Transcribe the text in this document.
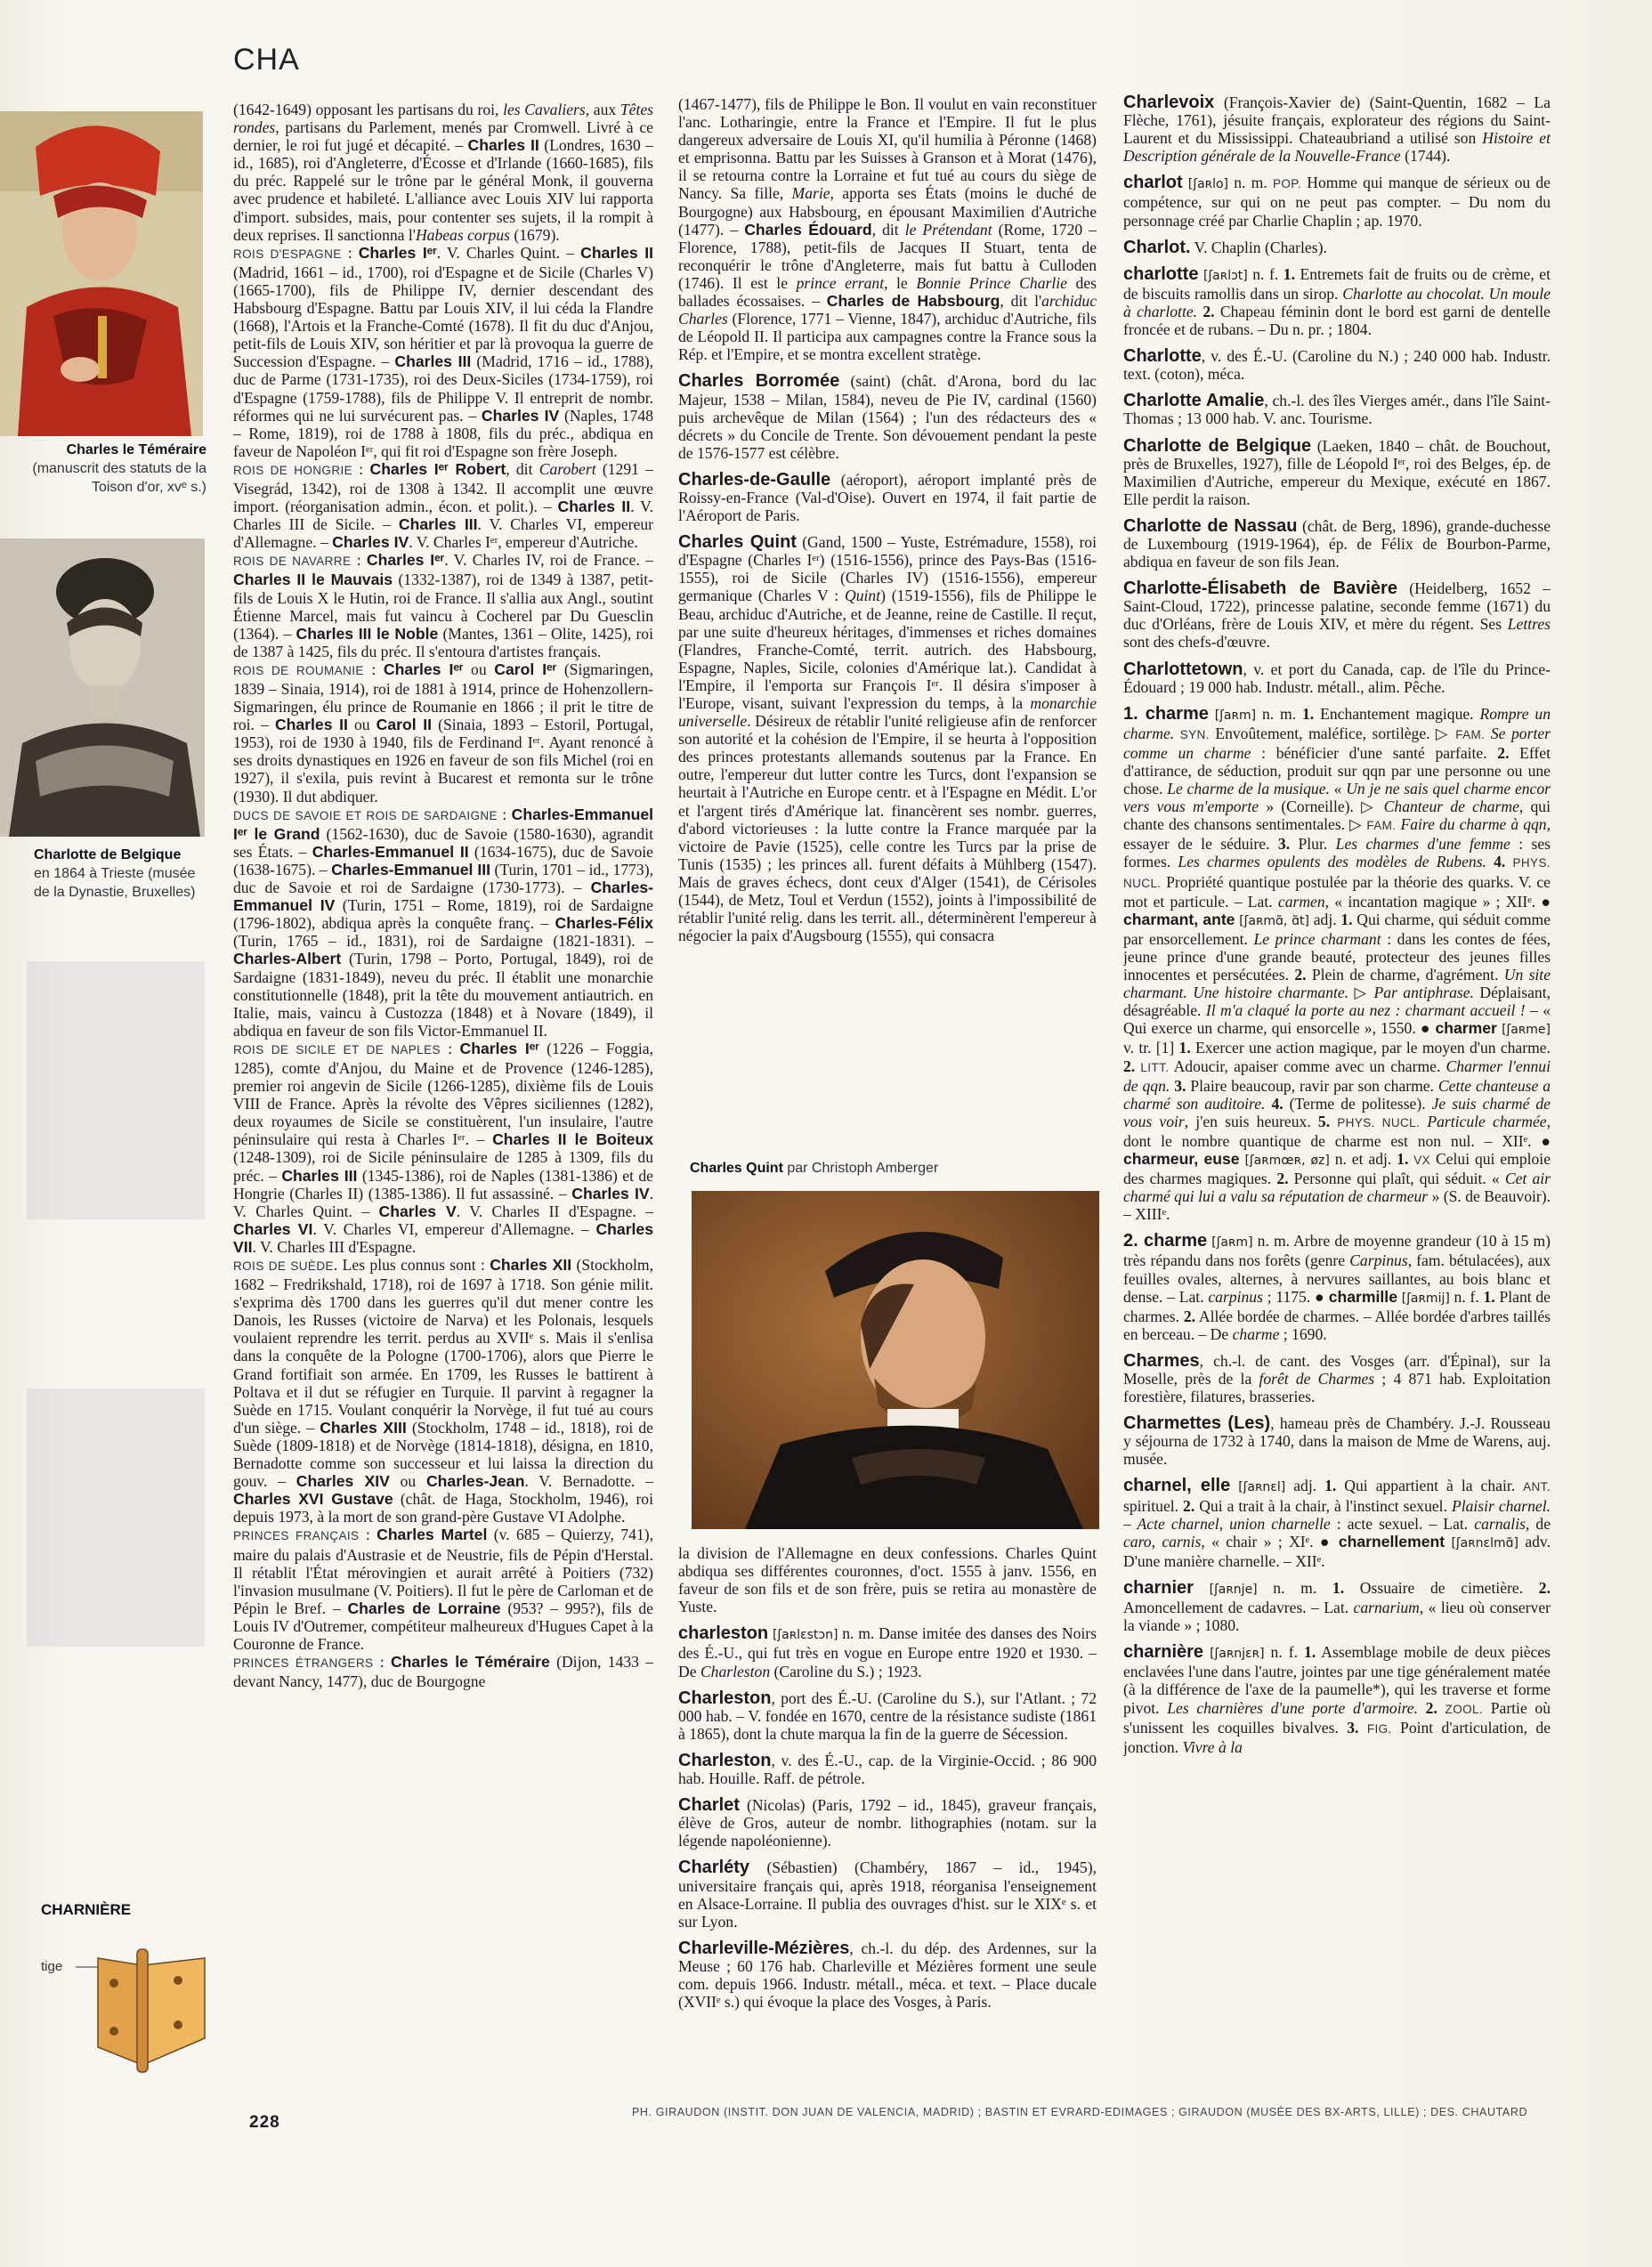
CHA
Charles le Téméraire
(manuscrit des statuts de la Toison d'or, xvᵉ s.)
Charlotte de Belgique
en 1864 à Trieste (musée de la Dynastie, Bruxelles)
CHARNIÈRE
tige

(1642-1649) opposant les partisans du roi, les Cavaliers, aux Têtes rondes, partisans du Parlement, menés par Cromwell. Livré à ce dernier, le roi fut jugé et décapité. – Charles II (Londres, 1630 – id., 1685), roi d'Angleterre, d'Écosse et d'Irlande (1660-1685), fils du préc. Rappelé sur le trône par le général Monk, il gouverna avec prudence et habileté. L'alliance avec Louis XIV lui rapporta d'import. subsides, mais, pour contenter ses sujets, il la rompit à deux reprises. Il sanctionna l'Habeas corpus (1679).

ROIS D'ESPAGNE : Charles Iᵉʳ. V. Charles Quint. – Charles II (Madrid, 1661 – id., 1700), roi d'Espagne et de Sicile (Charles V) (1665-1700), fils de Philippe IV, dernier descendant des Habsbourg d'Espagne. Battu par Louis XIV, il lui céda la Flandre (1668), l'Artois et la Franche-Comté (1678). Il fit du duc d'Anjou, petit-fils de Louis XIV, son héritier et par là provoqua la guerre de Succession d'Espagne. – Charles III (Madrid, 1716 – id., 1788), duc de Parme (1731-1735), roi des Deux-Siciles (1734-1759), roi d'Espagne (1759-1788), fils de Philippe V. Il entreprit de nombr. réformes qui ne lui survécurent pas. – Charles IV (Naples, 1748 – Rome, 1819), roi de 1788 à 1808, fils du préc., abdiqua en faveur de Napoléon Iᵉʳ, qui fit roi d'Espagne son frère Joseph.

ROIS DE HONGRIE : Charles Iᵉʳ Robert, dit Carobert (1291 – Visegrád, 1342), roi de 1308 à 1342. Il accomplit une œuvre import. (réorganisation admin., écon. et polit.). – Charles II. V. Charles III de Sicile. – Charles III. V. Charles VI, empereur d'Allemagne. – Charles IV. V. Charles Iᵉʳ, empereur d'Autriche.

ROIS DE NAVARRE : Charles Iᵉʳ. V. Charles IV, roi de France. – Charles II le Mauvais (1332-1387), roi de 1349 à 1387, petit-fils de Louis X le Hutin, roi de France. Il s'allia aux Angl., soutint Étienne Marcel, mais fut vaincu à Cocherel par Du Guesclin (1364). – Charles III le Noble (Mantes, 1361 – Olite, 1425), roi de 1387 à 1425, fils du préc. Il s'entoura d'artistes français.

ROIS DE ROUMANIE : Charles Iᵉʳ ou Carol Iᵉʳ (Sigmaringen, 1839 – Sinaia, 1914), roi de 1881 à 1914, prince de Hohenzollern-Sigmaringen, élu prince de Roumanie en 1866 ; il prit le titre de roi. – Charles II ou Carol II (Sinaia, 1893 – Estoril, Portugal, 1953), roi de 1930 à 1940, fils de Ferdinand Iᵉʳ. Ayant renoncé à ses droits dynastiques en 1926 en faveur de son fils Michel (roi en 1927), il s'exila, puis revint à Bucarest et remonta sur le trône (1930). Il dut abdiquer.

DUCS DE SAVOIE ET ROIS DE SARDAIGNE : Charles-Emmanuel Iᵉʳ le Grand (1562-1630), duc de Savoie (1580-1630), agrandit ses États. – Charles-Emmanuel II (1634-1675), duc de Savoie (1638-1675). – Charles-Emmanuel III (Turin, 1701 – id., 1773), duc de Savoie et roi de Sardaigne (1730-1773). – Charles-Emmanuel IV (Turin, 1751 – Rome, 1819), roi de Sardaigne (1796-1802), abdiqua après la conquête franç. – Charles-Félix (Turin, 1765 – id., 1831), roi de Sardaigne (1821-1831). – Charles-Albert (Turin, 1798 – Porto, Portugal, 1849), roi de Sardaigne (1831-1849), neveu du préc. Il établit une monarchie constitutionnelle (1848), prit la tête du mouvement antiautrich. en Italie, mais, vaincu à Custozza (1848) et à Novare (1849), il abdiqua en faveur de son fils Victor-Emmanuel II.

ROIS DE SICILE ET DE NAPLES : Charles Iᵉʳ (1226 – Foggia, 1285), comte d'Anjou, du Maine et de Provence (1246-1285), premier roi angevin de Sicile (1266-1285), dixième fils de Louis VIII de France. Après la révolte des Vêpres siciliennes (1282), deux royaumes de Sicile se constituèrent, l'un insulaire, l'autre péninsulaire qui resta à Charles Iᵉʳ. – Charles II le Boiteux (1248-1309), roi de Sicile péninsulaire de 1285 à 1309, fils du préc. – Charles III (1345-1386), roi de Naples (1381-1386) et de Hongrie (Charles II) (1385-1386). Il fut assassiné. – Charles IV. V. Charles Quint. – Charles V. V. Charles II d'Espagne. – Charles VI. V. Charles VI, empereur d'Allemagne. – Charles VII. V. Charles III d'Espagne.

ROIS DE SUÈDE. Les plus connus sont : Charles XII (Stockholm, 1682 – Fredrikshald, 1718), roi de 1697 à 1718. Son génie milit. s'exprima dès 1700 dans les guerres qu'il dut mener contre les Danois, les Russes (victoire de Narva) et les Polonais, lesquels voulaient reprendre les territ. perdus au XVIIᵉ s. Mais il s'enlisa dans la conquête de la Pologne (1700-1706), alors que Pierre le Grand fortifiait son armée. En 1709, les Russes le battirent à Poltava et il dut se réfugier en Turquie. Il parvint à regagner la Suède en 1715. Voulant conquérir la Norvège, il fut tué au cours d'un siège. – Charles XIII (Stockholm, 1748 – id., 1818), roi de Suède (1809-1818) et de Norvège (1814-1818), désigna, en 1810, Bernadotte comme son successeur et lui laissa la direction du gouv. – Charles XIV ou Charles-Jean. V. Bernadotte. – Charles XVI Gustave (chât. de Haga, Stockholm, 1946), roi depuis 1973, à la mort de son grand-père Gustave VI Adolphe.

PRINCES FRANÇAIS : Charles Martel (v. 685 – Quierzy, 741), maire du palais d'Austrasie et de Neustrie, fils de Pépin d'Herstal. Il rétablit l'État mérovingien et aurait arrêté à Poitiers (732) l'invasion musulmane (V. Poitiers). Il fut le père de Carloman et de Pépin le Bref. – Charles de Lorraine (953? – 995?), fils de Louis IV d'Outremer, compétiteur malheureux d'Hugues Capet à la Couronne de France.

PRINCES ÉTRANGERS : Charles le Téméraire (Dijon, 1433 – devant Nancy, 1477), duc de Bourgogne

(1467-1477), fils de Philippe le Bon. Il voulut en vain reconstituer l'anc. Lotharingie, entre la France et l'Empire. Il fut le plus dangereux adversaire de Louis XI, qu'il humilia à Péronne (1468) et emprisonna. Battu par les Suisses à Granson et à Morat (1476), il se retourna contre la Lorraine et fut tué au cours du siège de Nancy. Sa fille, Marie, apporta ses États (moins le duché de Bourgogne) aux Habsbourg, en épousant Maximilien d'Autriche (1477). – Charles Édouard, dit le Prétendant (Rome, 1720 – Florence, 1788), petit-fils de Jacques II Stuart, tenta de reconquérir le trône d'Angleterre, mais fut battu à Culloden (1746). Il est le prince errant, le Bonnie Prince Charlie des ballades écossaises. – Charles de Habsbourg, dit l'archiduc Charles (Florence, 1771 – Vienne, 1847), archiduc d'Autriche, fils de Léopold II. Il participa aux campagnes contre la France sous la Rép. et l'Empire, et se montra excellent stratège.

Charles Borromée (saint) (chât. d'Arona, bord du lac Majeur, 1538 – Milan, 1584), neveu de Pie IV, cardinal (1560) puis archevêque de Milan (1564) ; l'un des rédacteurs des « décrets » du Concile de Trente. Son dévouement pendant la peste de 1576-1577 est célèbre.

Charles-de-Gaulle (aéroport), aéroport implanté près de Roissy-en-France (Val-d'Oise). Ouvert en 1974, il fait partie de l'Aéroport de Paris.

Charles Quint (Gand, 1500 – Yuste, Estrémadure, 1558), roi d'Espagne (Charles Iᵉʳ) (1516-1556), prince des Pays-Bas (1516-1555), roi de Sicile (Charles IV) (1516-1556), empereur germanique (Charles V : Quint) (1519-1556), fils de Philippe le Beau, archiduc d'Autriche, et de Jeanne, reine de Castille. Il reçut, par une suite d'heureux héritages, d'immenses et riches domaines (Flandres, Franche-Comté, territ. autrich. des Habsbourg, Espagne, Naples, Sicile, colonies d'Amérique lat.). Candidat à l'Empire, il l'emporta sur François Iᵉʳ. Il désira s'imposer à l'Europe, visant, suivant l'expression du temps, à la monarchie universelle. Désireux de rétablir l'unité religieuse afin de renforcer son autorité et la cohésion de l'Empire, il se heurta à l'opposition des princes protestants allemands soutenus par la France. En outre, l'empereur dut lutter contre les Turcs, dont l'expansion se heurtait à l'Autriche en Europe centr. et à l'Espagne en Médit. L'or et l'argent tirés d'Amérique lat. financèrent ses nombr. guerres, d'abord victorieuses : la lutte contre la France marquée par la victoire de Pavie (1525), celle contre les Turcs par la prise de Tunis (1535) ; les princes all. furent défaits à Mühlberg (1547). Mais de graves échecs, dont ceux d'Alger (1541), de Cérisoles (1544), de Metz, Toul et Verdun (1552), joints à l'impossibilité de rétablir l'unité relig. dans les territ. all., déterminèrent l'empereur à négocier la paix d'Augsbourg (1555), qui consacra

Charles Quint par Christoph Amberger

la division de l'Allemagne en deux confessions. Charles Quint abdiqua ses différentes couronnes, d'oct. 1555 à janv. 1556, en faveur de son fils et de son frère, puis se retira au monastère de Yuste.

charleston [ʃaʀlɛstɔn] n. m. Danse imitée des danses des Noirs des É.-U., qui fut très en vogue en Europe entre 1920 et 1930. – De Charleston (Caroline du S.) ; 1923.

Charleston, port des É.-U. (Caroline du S.), sur l'Atlant. ; 72 000 hab. – V. fondée en 1670, centre de la résistance sudiste (1861 à 1865), dont la chute marqua la fin de la guerre de Sécession.

Charleston, v. des É.-U., cap. de la Virginie-Occid. ; 86 900 hab. Houille. Raff. de pétrole.

Charlet (Nicolas) (Paris, 1792 – id., 1845), graveur français, élève de Gros, auteur de nombr. lithographies (notam. sur la légende napoléonienne).

Charléty (Sébastien) (Chambéry, 1867 – id., 1945), universitaire français qui, après 1918, réorganisa l'enseignement en Alsace-Lorraine. Il publia des ouvrages d'hist. sur le XIXᵉ s. et sur Lyon.

Charleville-Mézières, ch.-l. du dép. des Ardennes, sur la Meuse ; 60 176 hab. Charleville et Mézières forment une seule com. depuis 1966. Industr. métall., méca. et text. – Place ducale (XVIIᵉ s.) qui évoque la place des Vosges, à Paris.

Charlevoix (François-Xavier de) (Saint-Quentin, 1682 – La Flèche, 1761), jésuite français, explorateur des régions du Saint-Laurent et du Mississippi. Chateaubriand a utilisé son Histoire et Description générale de la Nouvelle-France (1744).

charlot [ʃaʀlo] n. m. POP. Homme qui manque de sérieux ou de compétence, sur qui on ne peut pas compter. – Du nom du personnage créé par Charlie Chaplin ; ap. 1970.

Charlot. V. Chaplin (Charles).

charlotte [ʃaʀlɔt] n. f. 1. Entremets fait de fruits ou de crème, et de biscuits ramollis dans un sirop. Charlotte au chocolat. Un moule à charlotte. 2. Chapeau féminin dont le bord est garni de dentelle froncée et de rubans. – Du n. pr. ; 1804.

Charlotte, v. des É.-U. (Caroline du N.) ; 240 000 hab. Industr. text. (coton), méca.

Charlotte Amalie, ch.-l. des îles Vierges amér., dans l'île Saint-Thomas ; 13 000 hab. V. anc. Tourisme.

Charlotte de Belgique (Laeken, 1840 – chât. de Bouchout, près de Bruxelles, 1927), fille de Léopold Iᵉʳ, roi des Belges, ép. de Maximilien d'Autriche, empereur du Mexique, exécuté en 1867. Elle perdit la raison.

Charlotte de Nassau (chât. de Berg, 1896), grande-duchesse de Luxembourg (1919-1964), ép. de Félix de Bourbon-Parme, abdiqua en faveur de son fils Jean.

Charlotte-Élisabeth de Bavière (Heidelberg, 1652 – Saint-Cloud, 1722), princesse palatine, seconde femme (1671) du duc d'Orléans, frère de Louis XIV, et mère du régent. Ses Lettres sont des chefs-d'œuvre.

Charlottetown, v. et port du Canada, cap. de l'île du Prince-Édouard ; 19 000 hab. Industr. métall., alim. Pêche.

1. charme [ʃaʀm] n. m. 1. Enchantement magique. Rompre un charme. SYN. Envoûtement, maléfice, sortilège. ▷ FAM. Se porter comme un charme : bénéficier d'une santé parfaite. 2. Effet d'attirance, de séduction, produit sur qqn par une personne ou une chose. Le charme de la musique. « Un je ne sais quel charme encor vers vous m'emporte » (Corneille). ▷ Chanteur de charme, qui chante des chansons sentimentales. ▷ FAM. Faire du charme à qqn, essayer de le séduire. 3. Plur. Les charmes d'une femme : ses formes. Les charmes opulents des modèles de Rubens. 4. PHYS. NUCL. Propriété quantique postulée par la théorie des quarks. V. ce mot et particule. – Lat. carmen, « incantation magique » ; XIIᵉ. ● charmant, ante [ʃaʀmɑ̃, ɑ̃t] adj. 1. Qui charme, qui séduit comme par ensorcellement. Le prince charmant : dans les contes de fées, jeune prince d'une grande beauté, protecteur des jeunes filles innocentes et persécutées. 2. Plein de charme, d'agrément. Un site charmant. Une histoire charmante. ▷ Par antiphrase. Déplaisant, désagréable. Il m'a claqué la porte au nez : charmant accueil ! – « Qui exerce un charme, qui ensorcelle », 1550. ● charmer [ʃaʀme] v. tr. [1] 1. Exercer une action magique, par le moyen d'un charme. 2. LITT. Adoucir, apaiser comme avec un charme. Charmer l'ennui de qqn. 3. Plaire beaucoup, ravir par son charme. Cette chanteuse a charmé son auditoire. 4. (Terme de politesse). Je suis charmé de vous voir, j'en suis heureux. 5. PHYS. NUCL. Particule charmée, dont le nombre quantique de charme est non nul. – XIIᵉ. ● charmeur, euse [ʃaʀmœʀ, øz] n. et adj. 1. VX Celui qui emploie des charmes magiques. 2. Personne qui plaît, qui séduit. « Cet air charmé qui lui a valu sa réputation de charmeur » (S. de Beauvoir). – XIIIᵉ.

2. charme [ʃaʀm] n. m. Arbre de moyenne grandeur (10 à 15 m) très répandu dans nos forêts (genre Carpinus, fam. bétulacées), aux feuilles ovales, alternes, à nervures saillantes, au bois blanc et dense. – Lat. carpinus ; 1175. ● charmille [ʃaʀmij] n. f. 1. Plant de charmes. 2. Allée bordée de charmes. – Allée bordée d'arbres taillés en berceau. – De charme ; 1690.

Charmes, ch.-l. de cant. des Vosges (arr. d'Épinal), sur la Moselle, près de la forêt de Charmes ; 4 871 hab. Exploitation forestière, filatures, brasseries.

Charmettes (Les), hameau près de Chambéry. J.-J. Rousseau y séjourna de 1732 à 1740, dans la maison de Mme de Warens, auj. musée.

charnel, elle [ʃaʀnɛl] adj. 1. Qui appartient à la chair. ANT. spirituel. 2. Qui a trait à la chair, à l'instinct sexuel. Plaisir charnel. – Acte charnel, union charnelle : acte sexuel. – Lat. carnalis, de caro, carnis, « chair » ; XIᵉ. ● charnellement [ʃaʀnɛlmɑ̃] adv. D'une manière charnelle. – XIIᵉ.

charnier [ʃaʀnje] n. m. 1. Ossuaire de cimetière. 2. Amoncellement de cadavres. – Lat. carnarium, « lieu où conserver la viande » ; 1080.

charnière [ʃaʀnjɛʀ] n. f. 1. Assemblage mobile de deux pièces enclavées l'une dans l'autre, jointes par une tige généralement matée (à la différence de l'axe de la paumelle*), qui les traverse et forme pivot. Les charnières d'une porte d'armoire. 2. ZOOL. Partie où s'unissent les coquilles bivalves. 3. FIG. Point d'articulation, de jonction. Vivre à la

228
PH. GIRAUDON (INSTIT. DON JUAN DE VALENCIA, MADRID) ; BASTIN ET EVRARD-EDIMAGES ; GIRAUDON (MUSÉE DES BX-ARTS, LILLE) ; DES. CHAUTARD
